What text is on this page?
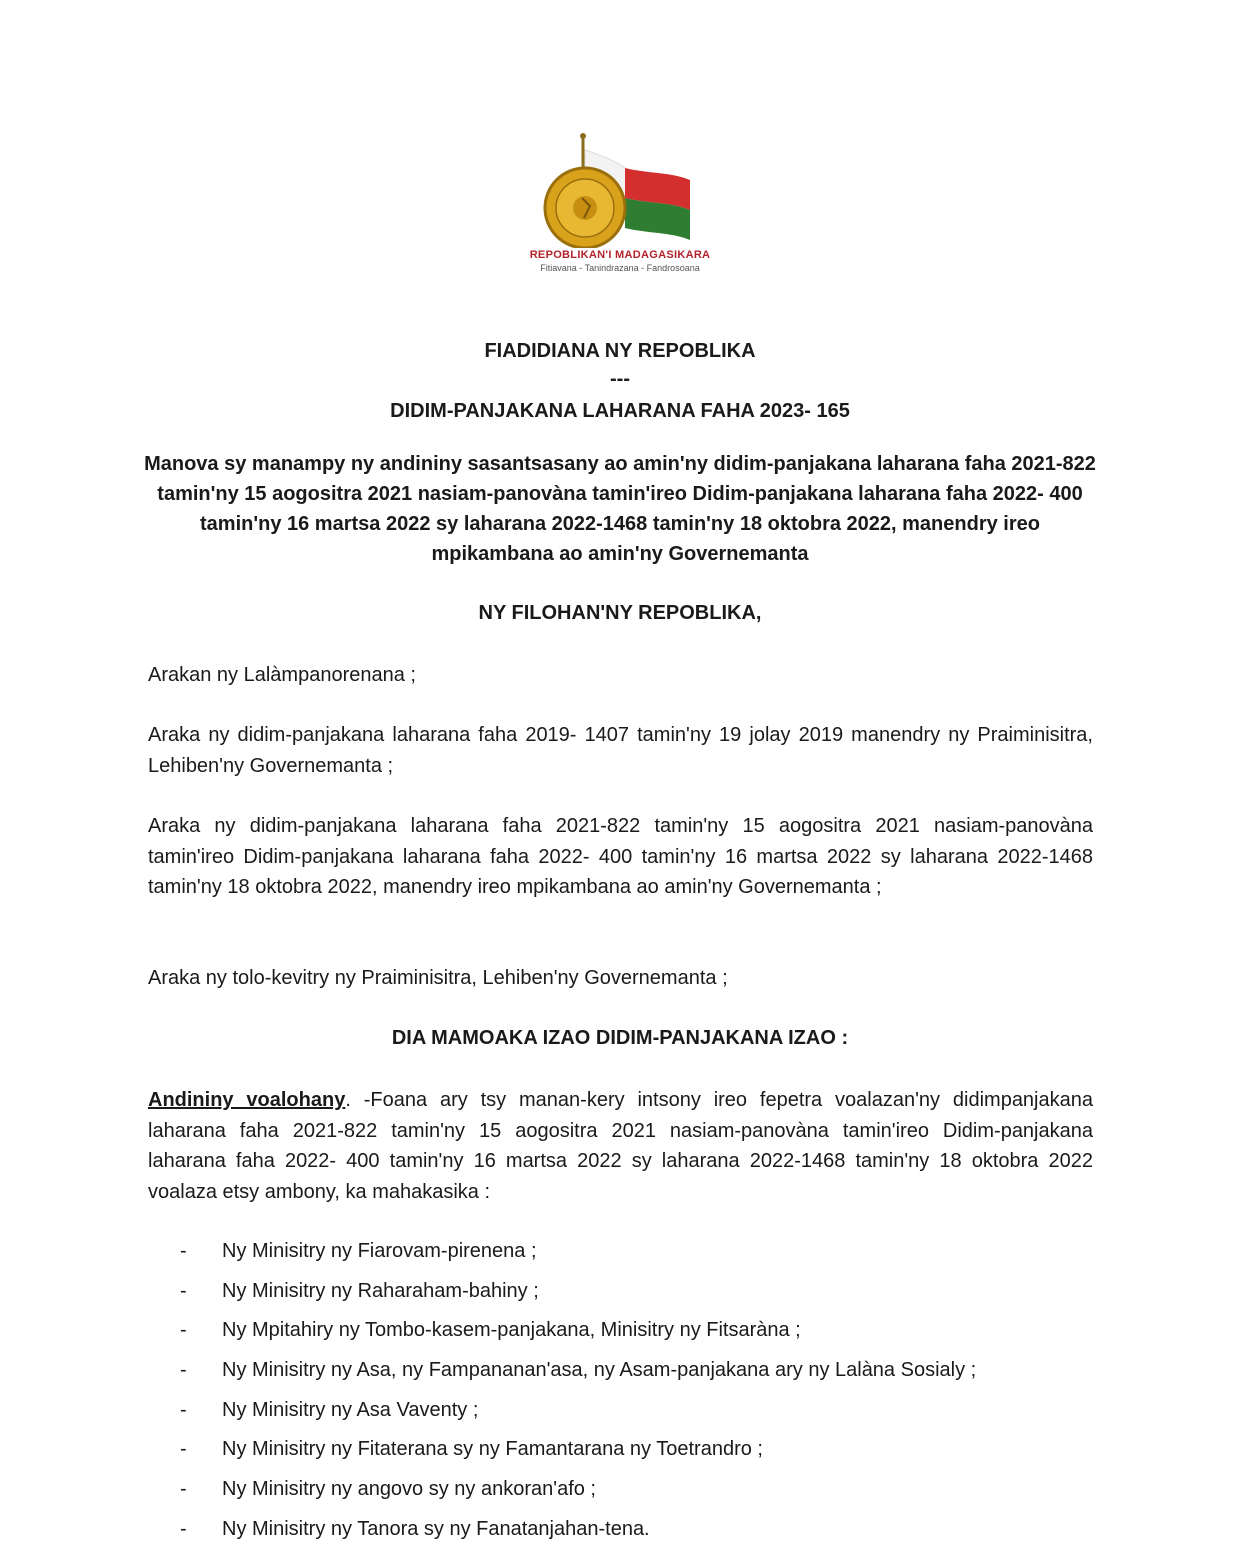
REPOBLIKAN'I MADAGASIKARA
Fitiavana - Tanindrazana - Fandrosoana
FIADIDIANA NY REPOBLIKA
---
DIDIM-PANJAKANA LAHARANA FAHA 2023- 165
Manova sy manampy ny andininy sasantsasany ao amin'ny didim-panjakana laharana faha 2021-822 tamin'ny 15 aogositra 2021 nasiam-panovàna tamin'ireo Didim-panjakana laharana faha 2022- 400 tamin'ny 16 martsa 2022 sy laharana 2022-1468 tamin'ny 18 oktobra 2022, manendry ireo mpikambana ao amin'ny Governemanta
NY FILOHAN'NY REPOBLIKA,
Arakan ny Lalàmpanorenana ;
Araka ny didim-panjakana laharana faha 2019- 1407 tamin'ny 19 jolay 2019 manendry ny Praiminisitra, Lehiben'ny Governemanta ;
Araka ny didim-panjakana laharana faha 2021-822 tamin'ny 15 aogositra 2021 nasiam-panovàna tamin'ireo Didim-panjakana laharana faha 2022- 400 tamin'ny 16 martsa 2022 sy laharana 2022-1468 tamin'ny 18 oktobra 2022, manendry ireo mpikambana ao amin'ny Governemanta ;
Araka ny tolo-kevitry ny Praiminisitra, Lehiben'ny Governemanta ;
DIA MAMOAKA IZAO DIDIM-PANJAKANA IZAO :
Andininy voalohany. -Foana ary tsy manan-kery intsony ireo fepetra voalazan'ny didimpanjakana laharana faha 2021-822 tamin'ny 15 aogositra 2021 nasiam-panovàna tamin'ireo Didim-panjakana laharana faha 2022- 400 tamin'ny 16 martsa 2022 sy laharana 2022-1468 tamin'ny 18 oktobra 2022 voalaza etsy ambony, ka mahakasika :
- Ny Minisitry ny Fiarovam-pirenena ;
- Ny Minisitry ny Raharaham-bahiny ;
- Ny Mpitahiry ny Tombo-kasem-panjakana, Minisitry ny Fitsaràna ;
- Ny Minisitry ny Asa, ny Fampananan'asa, ny Asam-panjakana ary ny Lalàna Sosialy ;
- Ny Minisitry ny Asa Vaventy ;
- Ny Minisitry ny Fitaterana sy ny Famantarana ny Toetrandro ;
- Ny Minisitry ny angovo sy ny ankoran'afo ;
- Ny Minisitry ny Tanora sy ny Fanatanjahan-tena.
